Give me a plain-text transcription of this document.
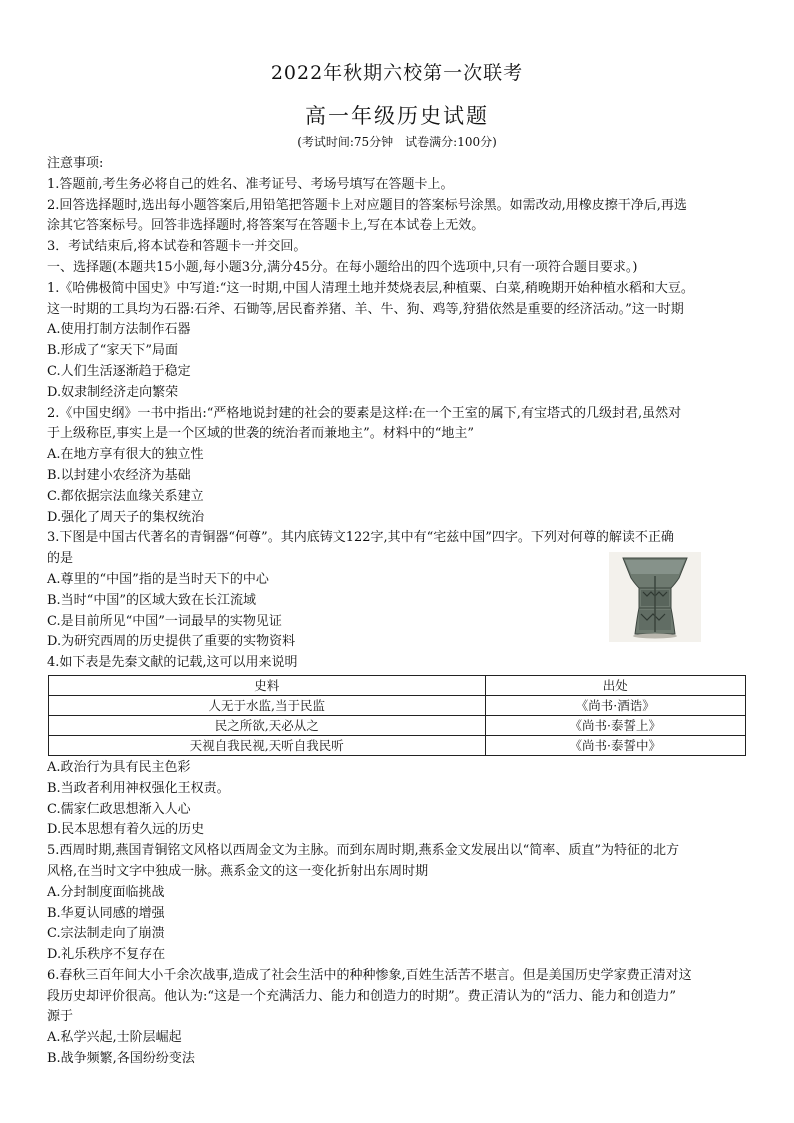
2022年秋期六校第一次联考
高一年级历史试题
(考试时间:75分钟　试卷满分:100分)
注意事项:
1.答题前,考生务必将自己的姓名、准考证号、考场号填写在答题卡上。
2.回答选择题时,选出每小题答案后,用铅笔把答题卡上对应题目的答案标号涂黑。如需改动,用橡皮擦干净后,再选
涂其它答案标号。回答非选择题时,将答案写在答题卡上,写在本试卷上无效。
3．考试结束后,将本试卷和答题卡一并交回。
一、选择题(本题共15小题,每小题3分,满分45分。在每小题给出的四个选项中,只有一项符合题目要求。)
1.《哈佛极简中国史》中写道:“这一时期,中国人清理土地并焚烧表层,种植粟、白菜,稍晚期开始种植水稻和大豆。
这一时期的工具均为石器:石斧、石锄等,居民畜养猪、羊、牛、狗、鸡等,狩猎依然是重要的经济活动。”这一时期
A.使用打制方法制作石器
B.形成了“家天下”局面
C.人们生活逐渐趋于稳定
D.奴隶制经济走向繁荣
2.《中国史纲》一书中指出:“严格地说封建的社会的要素是这样:在一个王室的属下,有宝塔式的几级封君,虽然对
于上级称臣,事实上是一个区域的世袭的统治者而兼地主”。材料中的“地主”
A.在地方享有很大的独立性
B.以封建小农经济为基础
C.都依据宗法血缘关系建立
D.强化了周天子的集权统治
3.下图是中国古代著名的青铜器“何尊”。其内底铸文122字,其中有“宅兹中国”四字。下列对何尊的解读不正确
的是
A.尊里的“中国”指的是当时天下的中心
B.当时“中国”的区域大致在长江流域
C.是目前所见“中国”一词最早的实物见证
D.为研究西周的历史提供了重要的实物资料
4.如下表是先秦文献的记载,这可以用来说明
史料	出处
人无于水监,当于民监	《尚书·酒诰》
民之所欲,天必从之	《尚书·泰誓上》
天视自我民视,天听自我民听	《尚书·泰誓中》
A.政治行为具有民主色彩
B.当政者利用神权强化王权责。
C.儒家仁政思想渐入人心
D.民本思想有着久远的历史
5.西周时期,燕国青铜铭文风格以西周金文为主脉。而到东周时期,燕系金文发展出以“简率、质直”为特征的北方
风格,在当时文字中独成一脉。燕系金文的这一变化折射出东周时期
A.分封制度面临挑战
B.华夏认同感的增强
C.宗法制走向了崩溃
D.礼乐秩序不复存在
6.春秋三百年间大小千余次战事,造成了社会生活中的种种惨象,百姓生活苦不堪言。但是美国历史学家费正清对这
段历史却评价很高。他认为:“这是一个充满活力、能力和创造力的时期”。费正清认为的“活力、能力和创造力”
源于
A.私学兴起,士阶层崛起
B.战争频繁,各国纷纷变法
